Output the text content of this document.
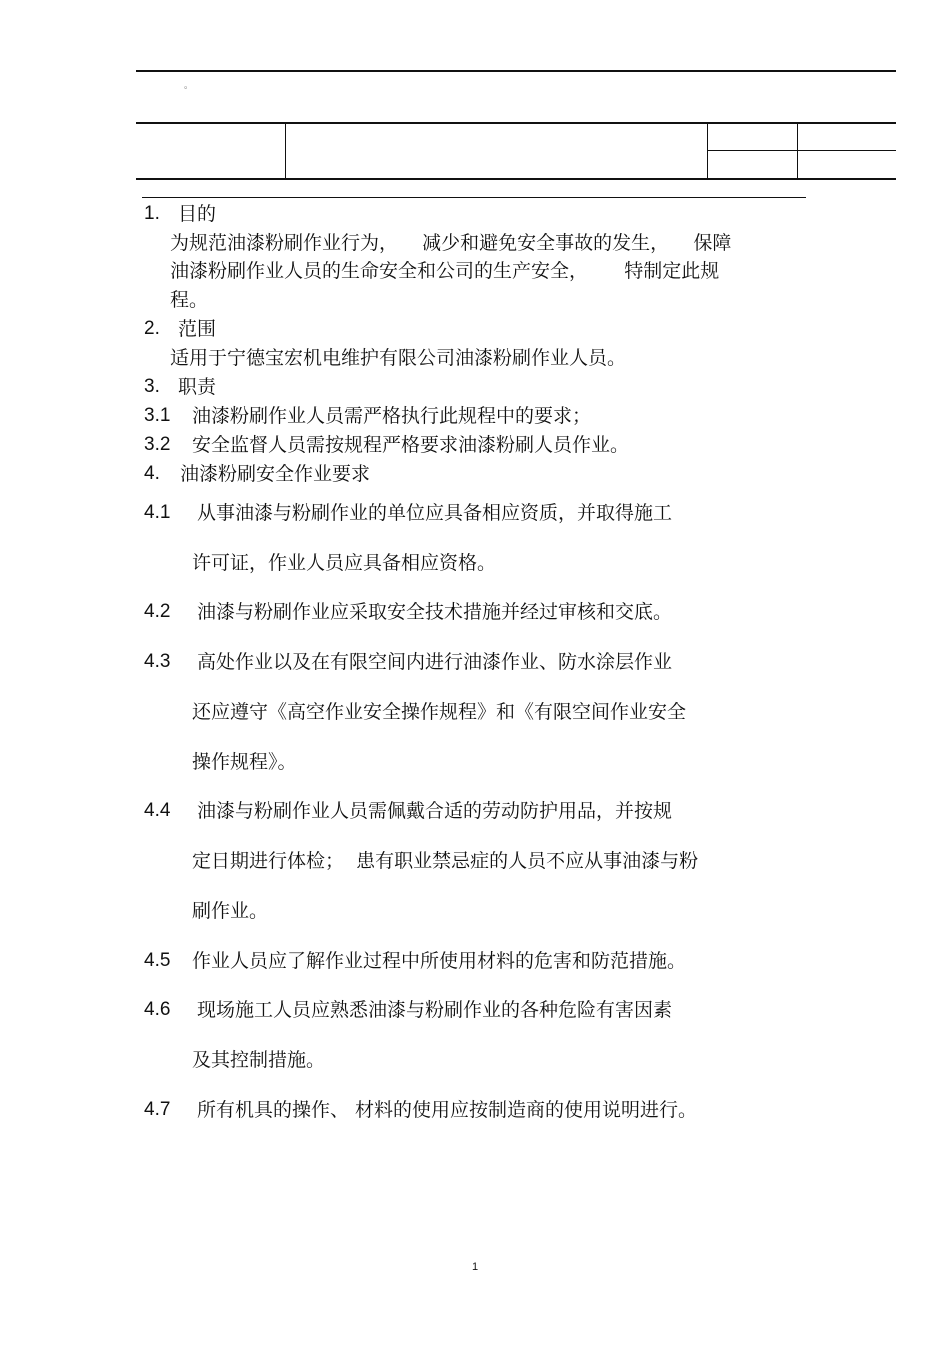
。
1. 目的
为规范油漆粉刷作业行为，    减少和避免安全事故的发生，    保障
油漆粉刷作业人员的生命安全和公司的生产安全，      特制定此规
程。
2. 范围
适用于宁德宝宏机电维护有限公司油漆粉刷作业人员。
3. 职责
3.1 油漆粉刷作业人员需严格执行此规程中的要求；
3.2 安全监督人员需按规程严格要求油漆粉刷人员作业。
4. 油漆粉刷安全作业要求
4.1 从事油漆与粉刷作业的单位应具备相应资质，并取得施工
许可证，作业人员应具备相应资格。
4.2 油漆与粉刷作业应采取安全技术措施并经过审核和交底。
4.3 高处作业以及在有限空间内进行油漆作业、防水涂层作业
还应遵守《高空作业安全操作规程》和《有限空间作业安全
操作规程》。
4.4 油漆与粉刷作业人员需佩戴合适的劳动防护用品，并按规
定日期进行体检；  患有职业禁忌症的人员不应从事油漆与粉
刷作业。
4.5 作业人员应了解作业过程中所使用材料的危害和防范措施。
4.6 现场施工人员应熟悉油漆与粉刷作业的各种危险有害因素
及其控制措施。
4.7 所有机具的操作、 材料的使用应按制造商的使用说明进行。
1
